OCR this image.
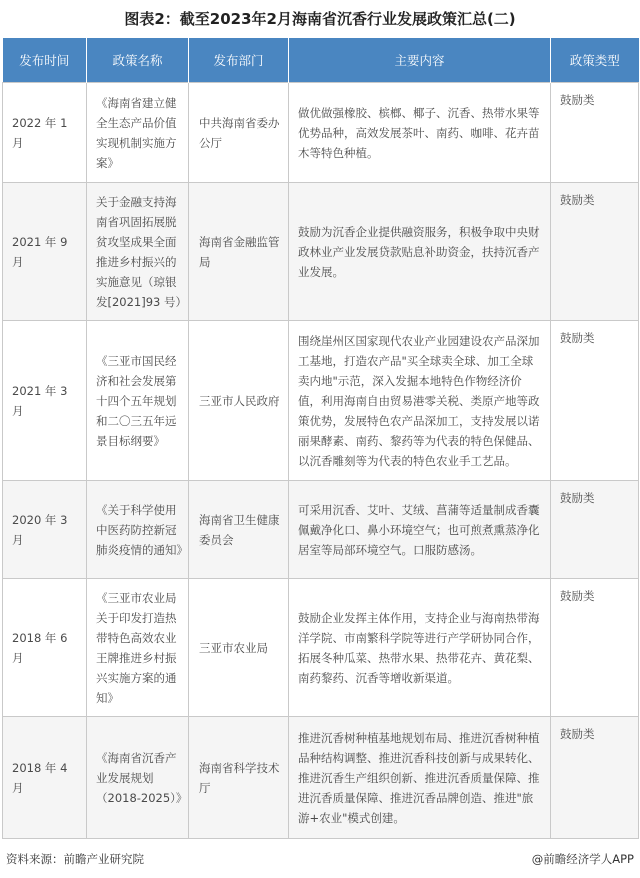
图表2：截至2023年2月海南省沉香行业发展政策汇总(二)
发布时间	政策名称	发布部门	主要内容	政策类型
2022 年 1 月	《海南省建立健全生态产品价值实现机制实施方案》	中共海南省委办公厅	做优做强橡胶、槟榔、椰子、沉香、热带水果等优势品种，高效发展茶叶、南药、咖啡、花卉苗木等特色种植。	鼓励类
2021 年 9 月	关于金融支持海南省巩固拓展脱贫攻坚成果全面推进乡村振兴的实施意见（琼银发[2021]93 号）	海南省金融监管局	鼓励为沉香企业提供融资服务，积极争取中央财政林业产业发展贷款贴息补助资金，扶持沉香产业发展。	鼓励类
2021 年 3 月	《三亚市国民经济和社会发展第十四个五年规划和二〇三五年远景目标纲要》	三亚市人民政府	围绕崖州区国家现代农业产业园建设农产品深加工基地，打造农产品"买全球卖全球、加工全球卖内地"示范，深入发掘本地特色作物经济价值，利用海南自由贸易港零关税、类原产地等政策优势，发展特色农产品深加工，支持发展以诺丽果酵素、南药、黎药等为代表的特色保健品、以沉香雕刻等为代表的特色农业手工艺品。	鼓励类
2020 年 3 月	《关于科学使用中医药防控新冠肺炎疫情的通知》	海南省卫生健康委员会	可采用沉香、艾叶、艾绒、菖蒲等适量制成香囊佩戴净化口、鼻小环境空气；也可煎煮熏蒸净化居室等局部环境空气。口服防感汤。	鼓励类
2018 年 6 月	《三亚市农业局关于印发打造热带特色高效农业王牌推进乡村振兴实施方案的通知》	三亚市农业局	鼓励企业发挥主体作用，支持企业与海南热带海洋学院、市南繁科学院等进行产学研协同合作，拓展冬种瓜菜、热带水果、热带花卉、黄花梨、南药黎药、沉香等增收新渠道。	鼓励类
2018 年 4 月	《海南省沉香产业发展规划（2018-2025）》	海南省科学技术厅	推进沉香树种植基地规划布局、推进沉香树种植品种结构调整、推进沉香科技创新与成果转化、推进沉香生产组织创新、推进沉香质量保障、推进沉香质量保障、推进沉香品牌创造、推进"旅游+农业"模式创建。	鼓励类
资料来源：前瞻产业研究院	@前瞻经济学人APP
